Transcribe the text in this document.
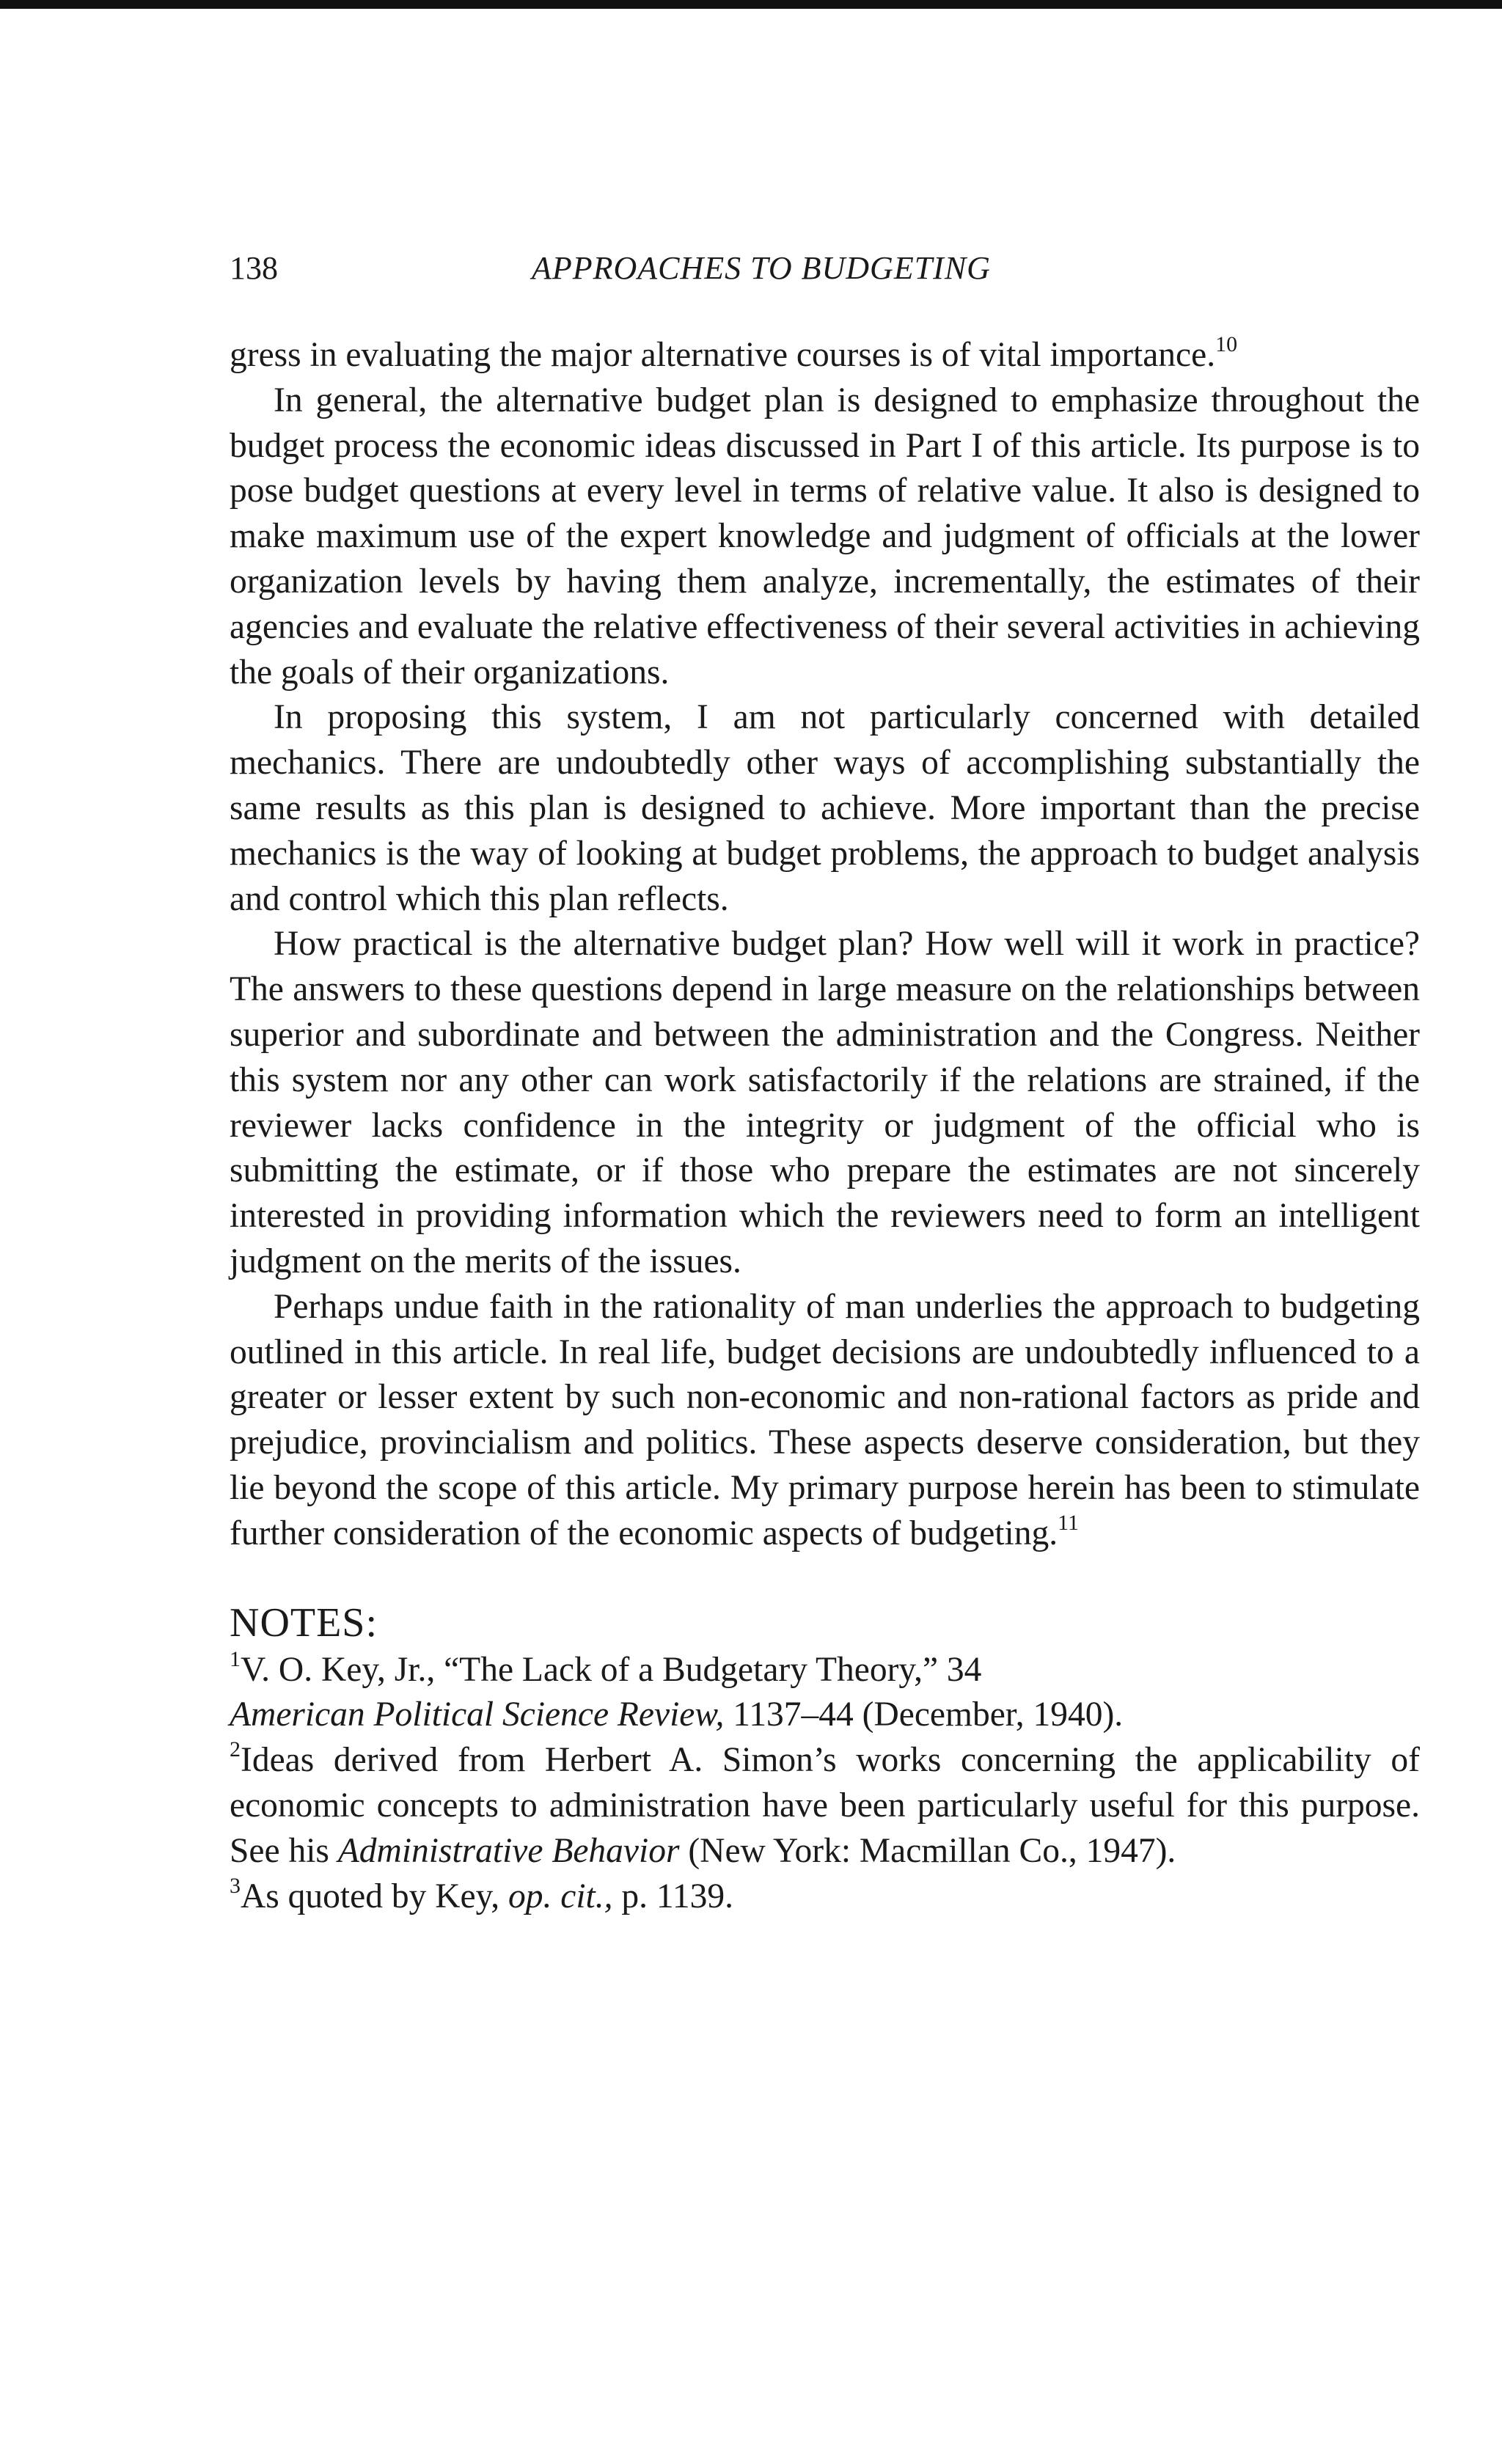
138	APPROACHES TO BUDGETING

gress in evaluating the major alternative courses is of vital importance.$^{10}$

In general, the alternative budget plan is designed to emphasize throughout the budget process the economic ideas discussed in Part I of this article. Its purpose is to pose budget questions at every level in terms of relative value. It also is designed to make maximum use of the expert knowledge and judgment of officials at the lower organization levels by having them analyze, incrementally, the estimates of their agencies and evaluate the relative effectiveness of their several activities in achieving the goals of their organizations.

In proposing this system, I am not particularly concerned with detailed mechanics. There are undoubtedly other ways of accomplishing substantially the same results as this plan is designed to achieve. More important than the precise mechanics is the way of looking at budget problems, the approach to budget analysis and control which this plan reflects.

How practical is the alternative budget plan? How well will it work in practice? The answers to these questions depend in large measure on the relationships between superior and subordinate and between the administration and the Congress. Neither this system nor any other can work satisfactorily if the relations are strained, if the reviewer lacks confidence in the integrity or judgment of the official who is submitting the estimate, or if those who prepare the estimates are not sincerely interested in providing information which the reviewers need to form an intelligent judgment on the merits of the issues.

Perhaps undue faith in the rationality of man underlies the approach to budgeting outlined in this article. In real life, budget decisions are undoubtedly influenced to a greater or lesser extent by such non-economic and non-rational factors as pride and prejudice, provincialism and politics. These aspects deserve consideration, but they lie beyond the scope of this article. My primary purpose herein has been to stimulate further consideration of the economic aspects of budgeting.$^{11}$

NOTES:

$^1$V. O. Key, Jr., “The Lack of a Budgetary Theory,” 34
American Political Science Review, 1137–44 (December, 1940).

$^2$Ideas derived from Herbert A. Simon’s works concerning the applicability of economic concepts to administration have been particularly useful for this purpose. See his Administrative Behavior (New York: Macmillan Co., 1947).

$^3$As quoted by Key, op. cit., p. 1139.
